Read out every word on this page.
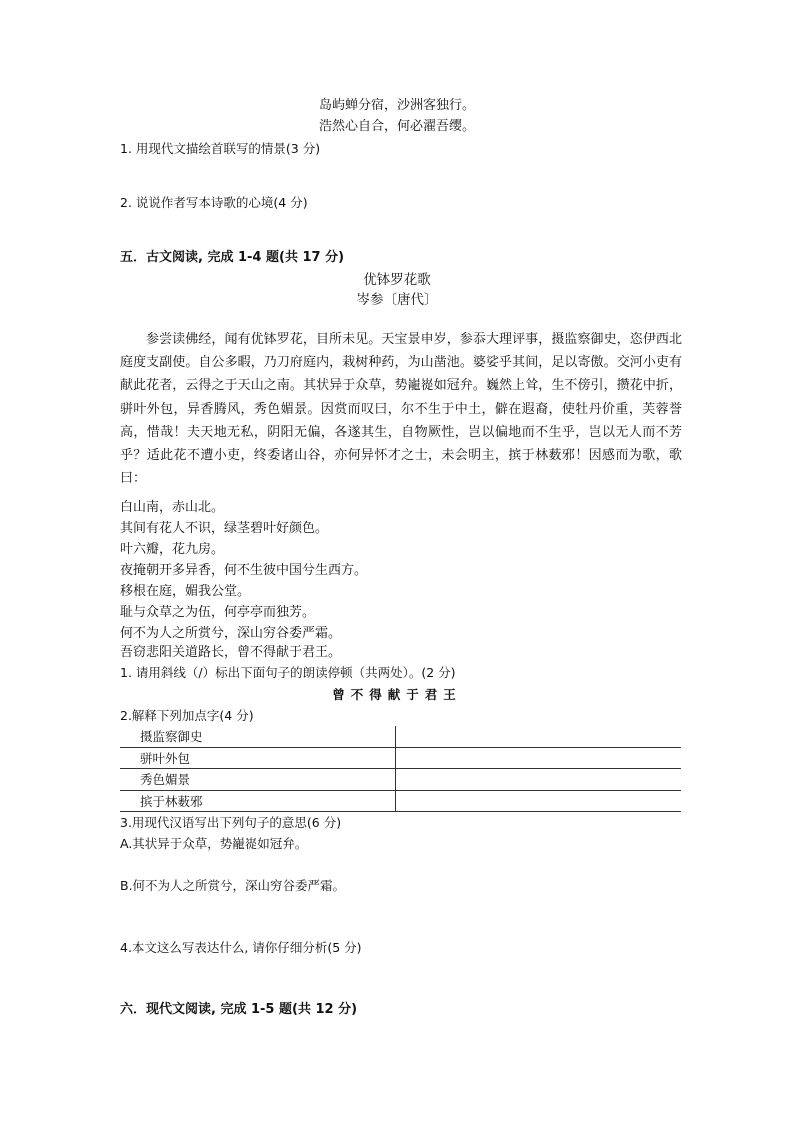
岛屿蝉分宿，沙洲客独行。
浩然心自合，何必濯吾缨。
1. 用现代文描绘首联写的情景(3 分)
2. 说说作者写本诗歌的心境(4 分)
五．古文阅读, 完成 1-4 题(共 17 分)
优钵罗花歌
岑参〔唐代〕
参尝读佛经，闻有优钵罗花，目所未见。天宝景申岁，参忝大理评事，摄监察御史，恣伊西北庭度支副使。自公多暇，乃刀府庭内，栽树种药，为山凿池。婆娑乎其间，足以寄傲。交河小吏有献此花者，云得之于天山之南。其状异于众草，势巃嵸如冠弁。巍然上耸，生不傍引，攒花中折，骈叶外包，异香腾风，秀色媚景。因赏而叹曰，尔不生于中土，僻在遐裔，使牡丹价重，芙蓉誉高，惜哉！夫天地无私，阴阳无偏，各遂其生，自物厥性，岂以偏地而不生乎，岂以无人而不芳乎？适此花不遭小吏，终委诸山谷，亦何异怀才之士，未会明主，摈于林薮邪！因感而为歌，歌曰：
白山南，赤山北。
其间有花人不识，绿茎碧叶好颜色。
叶六瓣，花九房。
夜掩朝开多异香，何不生彼中国兮生西方。
移根在庭，媚我公堂。
耻与众草之为伍，何亭亭而独芳。
何不为人之所赏兮，深山穷谷委严霜。
吾窃悲阳关道路长，曾不得献于君王。
1. 请用斜线（/）标出下面句子的朗读停顿（共两处）。(2 分)
曾不得献于君王
2.解释下列加点字(4 分)
摄监察御史	
骈叶外包	
秀色媚景	
摈于林薮邪	
3.用现代汉语写出下列句子的意思(6 分)
A.其状异于众草，势巃嵸如冠弁。
B.何不为人之所赏兮，深山穷谷委严霜。
4.本文这么写表达什么, 请你仔细分析(5 分)
六．现代文阅读, 完成 1-5 题(共 12 分)
